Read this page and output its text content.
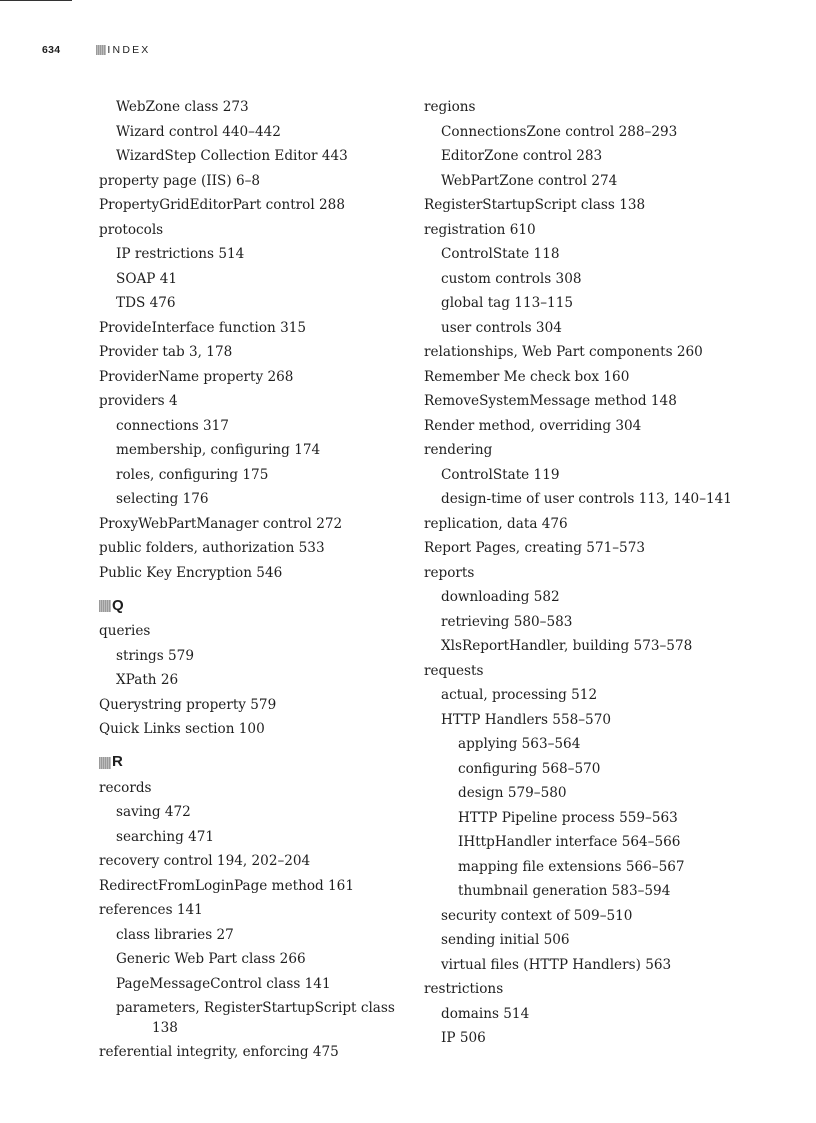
634	INDEX
WebZone class 273
Wizard control 440–442
WizardStep Collection Editor 443
property page (IIS) 6–8
PropertyGridEditorPart control 288
protocols
IP restrictions 514
SOAP 41
TDS 476
ProvideInterface function 315
Provider tab 3, 178
ProviderName property 268
providers 4
connections 317
membership, configuring 174
roles, configuring 175
selecting 176
ProxyWebPartManager control 272
public folders, authorization 533
Public Key Encryption 546
Q
queries
strings 579
XPath 26
Querystring property 579
Quick Links section 100
R
records
saving 472
searching 471
recovery control 194, 202–204
RedirectFromLoginPage method 161
references 141
class libraries 27
Generic Web Part class 266
PageMessageControl class 141
parameters, RegisterStartupScript class
138
referential integrity, enforcing 475
regions
ConnectionsZone control 288–293
EditorZone control 283
WebPartZone control 274
RegisterStartupScript class 138
registration 610
ControlState 118
custom controls 308
global tag 113–115
user controls 304
relationships, Web Part components 260
Remember Me check box 160
RemoveSystemMessage method 148
Render method, overriding 304
rendering
ControlState 119
design-time of user controls 113, 140–141
replication, data 476
Report Pages, creating 571–573
reports
downloading 582
retrieving 580–583
XlsReportHandler, building 573–578
requests
actual, processing 512
HTTP Handlers 558–570
applying 563–564
configuring 568–570
design 579–580
HTTP Pipeline process 559–563
IHttpHandler interface 564–566
mapping file extensions 566–567
thumbnail generation 583–594
security context of 509–510
sending initial 506
virtual files (HTTP Handlers) 563
restrictions
domains 514
IP 506
